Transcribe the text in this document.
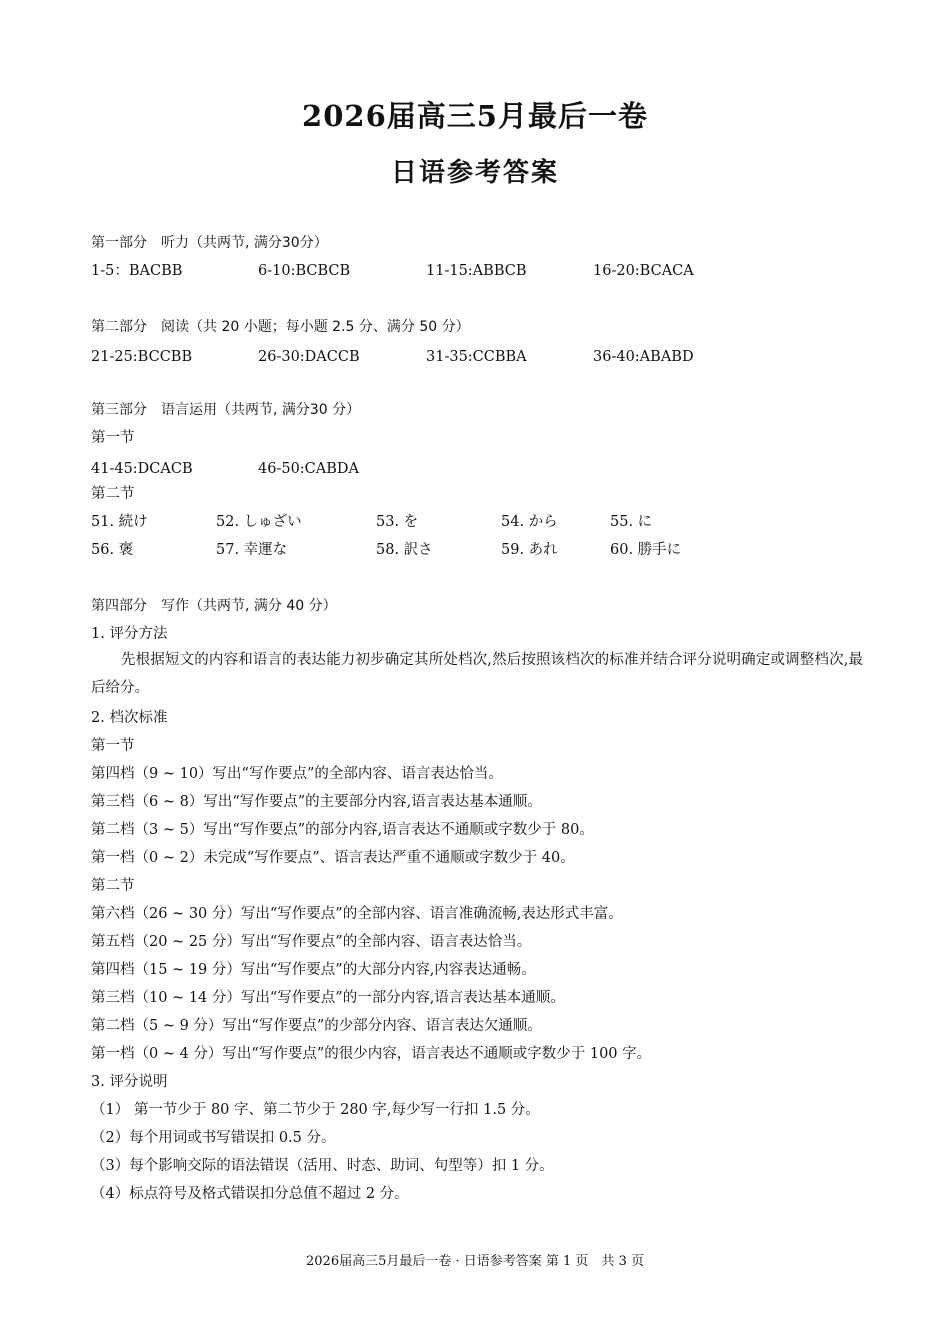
2026届高三5月最后一卷
日语参考答案
第一部分　听力（共两节, 满分30分）
1-5：BACBB	6-10:BCBCB	11-15:ABBCB	16-20:BCACA
第二部分　阅读（共 20 小题；每小题 2.5 分、满分 50 分）
21-25:BCCBB	26-30:DACCB	31-35:CCBBA	36-40:ABABD
第三部分　语言运用（共两节, 满分30 分）
第一节
41-45:DCACB	46-50:CABDA
第二节
51. 続け	52. しゅざい	53. を	54. から	55. に
56. 褒	57. 幸運な	58. 訳さ	59. あれ	60. 勝手に
第四部分　写作（共两节, 满分 40 分）
1. 评分方法
先根据短文的内容和语言的表达能力初步确定其所处档次,然后按照该档次的标准并结合评分说明确定或调整档次,最后给分。
2. 档次标准
第一节
第四档（9 ~ 10）写出“写作要点”的全部内容、语言表达恰当。
第三档（6 ~ 8）写出“写作要点”的主要部分内容,语言表达基本通顺。
第二档（3 ~ 5）写出“写作要点”的部分内容,语言表达不通顺或字数少于 80。
第一档（0 ~ 2）未完成“写作要点”、语言表达严重不通顺或字数少于 40。
第二节
第六档（26 ~ 30 分）写出“写作要点”的全部内容、语言准确流畅,表达形式丰富。
第五档（20 ~ 25 分）写出“写作要点”的全部内容、语言表达恰当。
第四档（15 ~ 19 分）写出“写作要点”的大部分内容,内容表达通畅。
第三档（10 ~ 14 分）写出“写作要点”的一部分内容,语言表达基本通顺。
第二档（5 ~ 9 分）写出“写作要点”的少部分内容、语言表达欠通顺。
第一档（0 ~ 4 分）写出“写作要点”的很少内容，语言表达不通顺或字数少于 100 字。
3. 评分说明
（1） 第一节少于 80 字、第二节少于 280 字,每少写一行扣 1.5 分。
（2）每个用词或书写错误扣 0.5 分。
（3）每个影响交际的语法错误（活用、时态、助词、句型等）扣 1 分。
（4）标点符号及格式错误扣分总值不超过 2 分。
2026届高三5月最后一卷 · 日语参考答案 第 1 页　共 3 页
